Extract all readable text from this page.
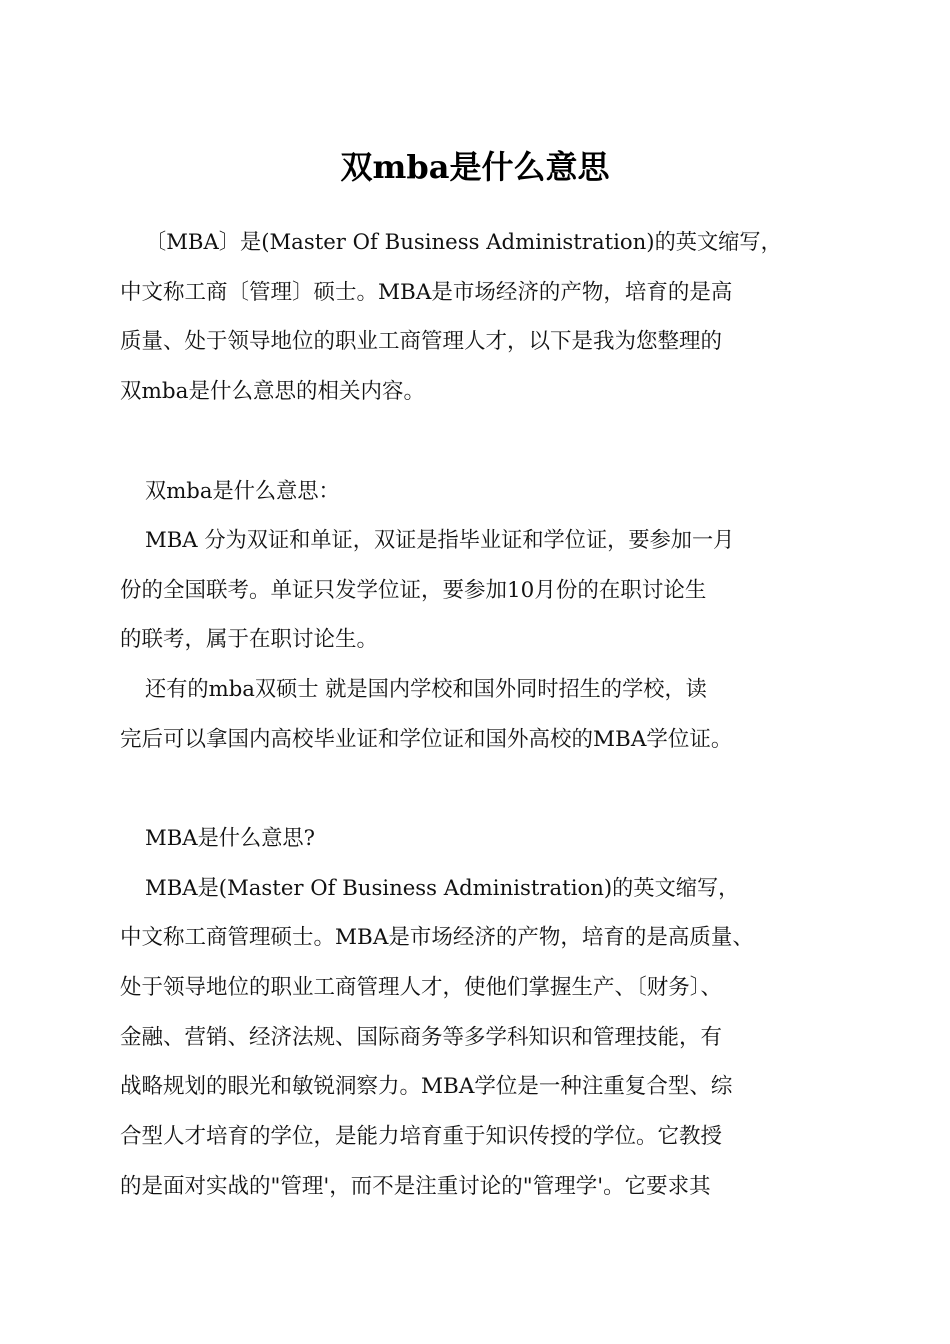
双mba是什么意思
〔MBA〕是(Master Of Business Administration)的英文缩写，
中文称工商〔管理〕硕士。MBA是市场经济的产物，培育的是高
质量、处于领导地位的职业工商管理人才，以下是我为您整理的
双mba是什么意思的相关内容。
双mba是什么意思：
MBA 分为双证和单证，双证是指毕业证和学位证，要参加一月
份的全国联考。单证只发学位证，要参加10月份的在职讨论生
的联考，属于在职讨论生。
还有的mba双硕士 就是国内学校和国外同时招生的学校，读
完后可以拿国内高校毕业证和学位证和国外高校的MBA学位证。
MBA是什么意思?
MBA是(Master Of Business Administration)的英文缩写，
中文称工商管理硕士。MBA是市场经济的产物，培育的是高质量、
处于领导地位的职业工商管理人才，使他们掌握生产、〔财务〕、
金融、营销、经济法规、国际商务等多学科知识和管理技能，有
战略规划的眼光和敏锐洞察力。MBA学位是一种注重复合型、综
合型人才培育的学位，是能力培育重于知识传授的学位。它教授
的是面对实战的"管理'，而不是注重讨论的"管理学'。它要求其
